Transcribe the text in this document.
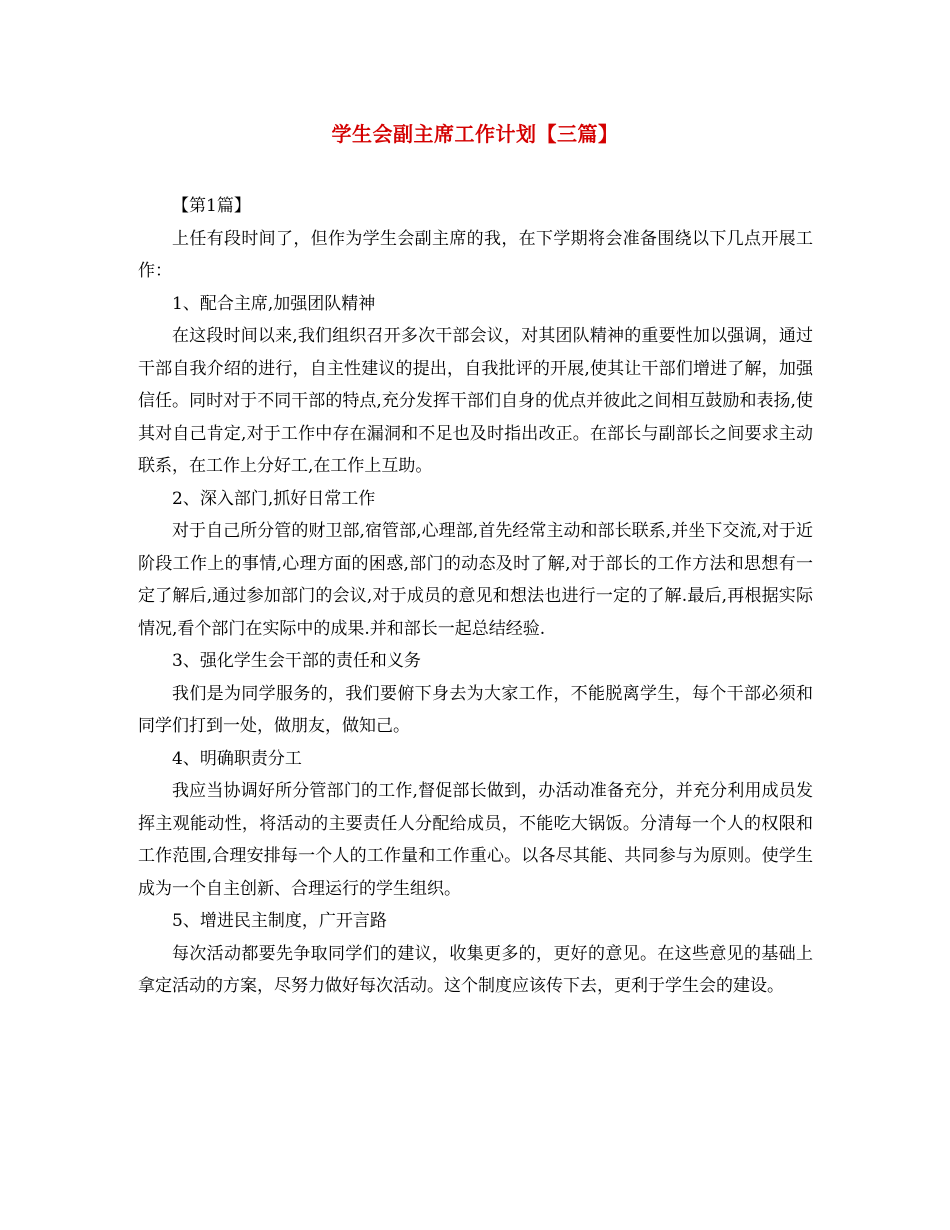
学生会副主席工作计划【三篇】

【第1篇】

上任有段时间了，但作为学生会副主席的我，在下学期将会准备围绕以下几点开展工作：

1、配合主席,加强团队精神

在这段时间以来,我们组织召开多次干部会议，对其团队精神的重要性加以强调，通过干部自我介绍的进行，自主性建议的提出，自我批评的开展,使其让干部们增进了解，加强信任。同时对于不同干部的特点,充分发挥干部们自身的优点并彼此之间相互鼓励和表扬,使其对自己肯定,对于工作中存在漏洞和不足也及时指出改正。在部长与副部长之间要求主动联系，在工作上分好工,在工作上互助。

2、深入部门,抓好日常工作

对于自己所分管的财卫部,宿管部,心理部,首先经常主动和部长联系,并坐下交流,对于近阶段工作上的事情,心理方面的困惑,部门的动态及时了解,对于部长的工作方法和思想有一定了解后,通过参加部门的会议,对于成员的意见和想法也进行一定的了解.最后,再根据实际情况,看个部门在实际中的成果.并和部长一起总结经验.

3、强化学生会干部的责任和义务

我们是为同学服务的，我们要俯下身去为大家工作，不能脱离学生，每个干部必须和同学们打到一处，做朋友，做知己。

4、明确职责分工

我应当协调好所分管部门的工作,督促部长做到，办活动准备充分，并充分利用成员发挥主观能动性，将活动的主要责任人分配给成员，不能吃大锅饭。分清每一个人的权限和工作范围,合理安排每一个人的工作量和工作重心。以各尽其能、共同参与为原则。使学生成为一个自主创新、合理运行的学生组织。

5、增进民主制度，广开言路

每次活动都要先争取同学们的建议，收集更多的，更好的意见。在这些意见的基础上拿定活动的方案，尽努力做好每次活动。这个制度应该传下去，更利于学生会的建设。
